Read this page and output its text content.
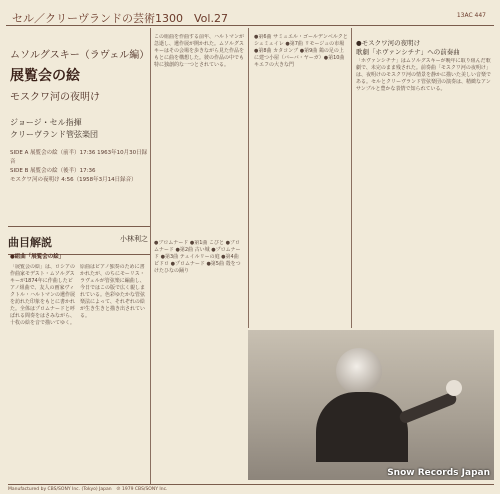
セル／クリーヴランドの芸術1300　Vol.27	13AC 447
ムソルグスキー（ラヴェル編）
展覧会の絵
モスクワ河の夜明け
ジョージ・セル指揮
クリーヴランド管弦楽団
SIDE A 展覧会の絵（前半）17:36 1963年10月30日録音
SIDE B 展覧会の絵（後半）17:36
モスクワ河の夜明け 4:56（1958年3月14日録音）
曲目解説	小林利之
●組曲「展覧会の絵」
「展覧会の絵」は、ロシアの作曲家モデスト・ムソルグスキーが1874年に作曲したピアノ組曲で、友人の画家ヴィクトル・ハルトマンの遺作展を訪れた印象をもとに書かれた。全体はプロムナードと呼ばれる間奏をはさみながら、十枚の絵を音で描いてゆく。
原曲はピアノ独奏のために書かれたが、のちにモーリス・ラヴェルが管弦楽に編曲し、今日ではこの版で広く親しまれている。色彩ゆたかな管弦楽法によって、それぞれの絵が生き生きと描き出されている。
この組曲を作曲する前年、ハルトマンが急逝し、遺作展が開かれた。ムソルグスキーはその会場を歩きながら見た作品をもとに曲を構想した。彼の作品の中でも特に独創的な一つとされている。
●プロムナード ●第1曲 こびと ●プロムナード ●第2曲 古い城 ●プロムナード ●第3曲 テュイルリーの庭 ●第4曲 ビドロ ●プロムナード ●第5曲 殻をつけたひなの踊り
●第6曲 サミュエル・ゴールデンベルクとシュミュイレ ●第7曲 リモージュの市場 ●第8曲 カタコンブ ●第9曲 鶏の足の上に建つ小屋（バーバ・ヤーガ）●第10曲 キエフの大きな門
●モスクワ河の夜明け
歌劇「ホヴァンシチナ」への前奏曲
「ホヴァンシチナ」はムソルグスキーが晩年に取り組んだ歌劇で、未完のまま残された。前奏曲「モスクワ河の夜明け」は、夜明けのモスクワ河の情景を静かに描いた美しい音楽である。セルとクリーヴランド管弦楽団の演奏は、精緻なアンサンブルと豊かな表情で知られている。
Snow Records Japan
Manufactured by CBS/SONY Inc. (Tokyo) Japan　℗ 1979 CBS/SONY Inc.
